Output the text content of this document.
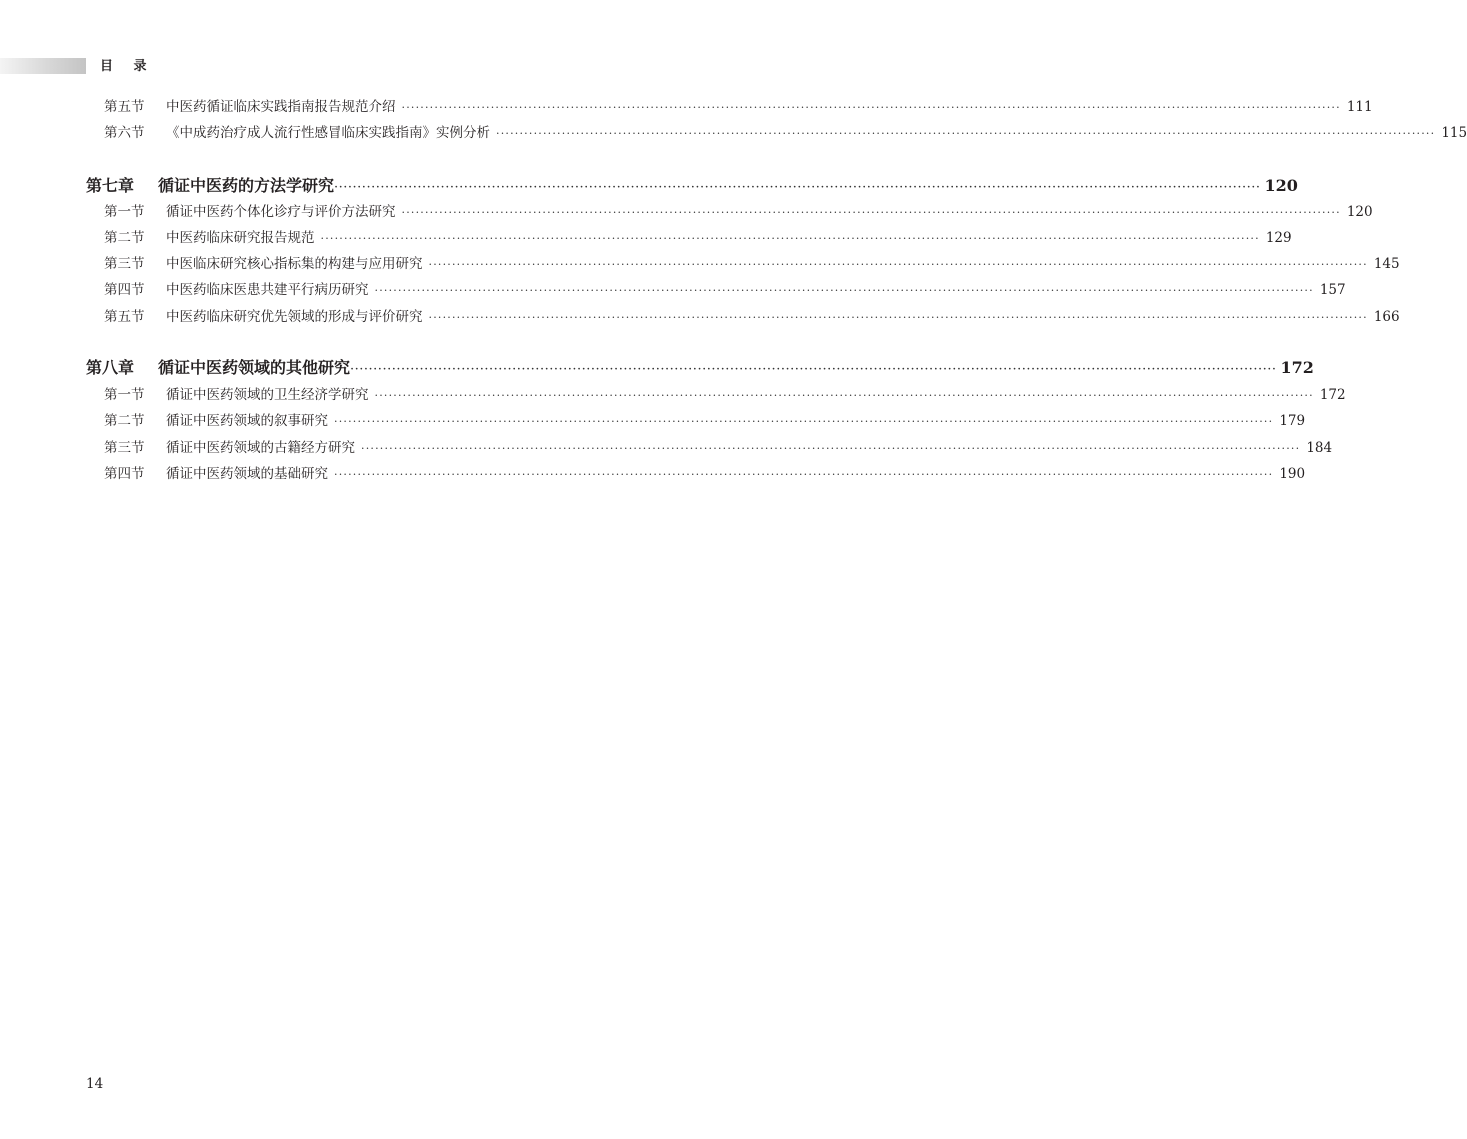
目 录
第五节	中医药循证临床实践指南报告规范介绍 ········································································································································································································ 111
第六节	《中成药治疗成人流行性感冒临床实践指南》实例分析 ········································································································································································································ 115
第七章	循证中医药的方法学研究 ········································································································································································································ 120
第一节	循证中医药个体化诊疗与评价方法研究 ········································································································································································································ 120
第二节	中医药临床研究报告规范 ········································································································································································································ 129
第三节	中医临床研究核心指标集的构建与应用研究 ········································································································································································································ 145
第四节	中医药临床医患共建平行病历研究 ········································································································································································································ 157
第五节	中医药临床研究优先领域的形成与评价研究 ········································································································································································································ 166
第八章	循证中医药领域的其他研究 ········································································································································································································ 172
第一节	循证中医药领域的卫生经济学研究 ········································································································································································································ 172
第二节	循证中医药领域的叙事研究 ········································································································································································································ 179
第三节	循证中医药领域的古籍经方研究 ········································································································································································································ 184
第四节	循证中医药领域的基础研究 ········································································································································································································ 190
14
